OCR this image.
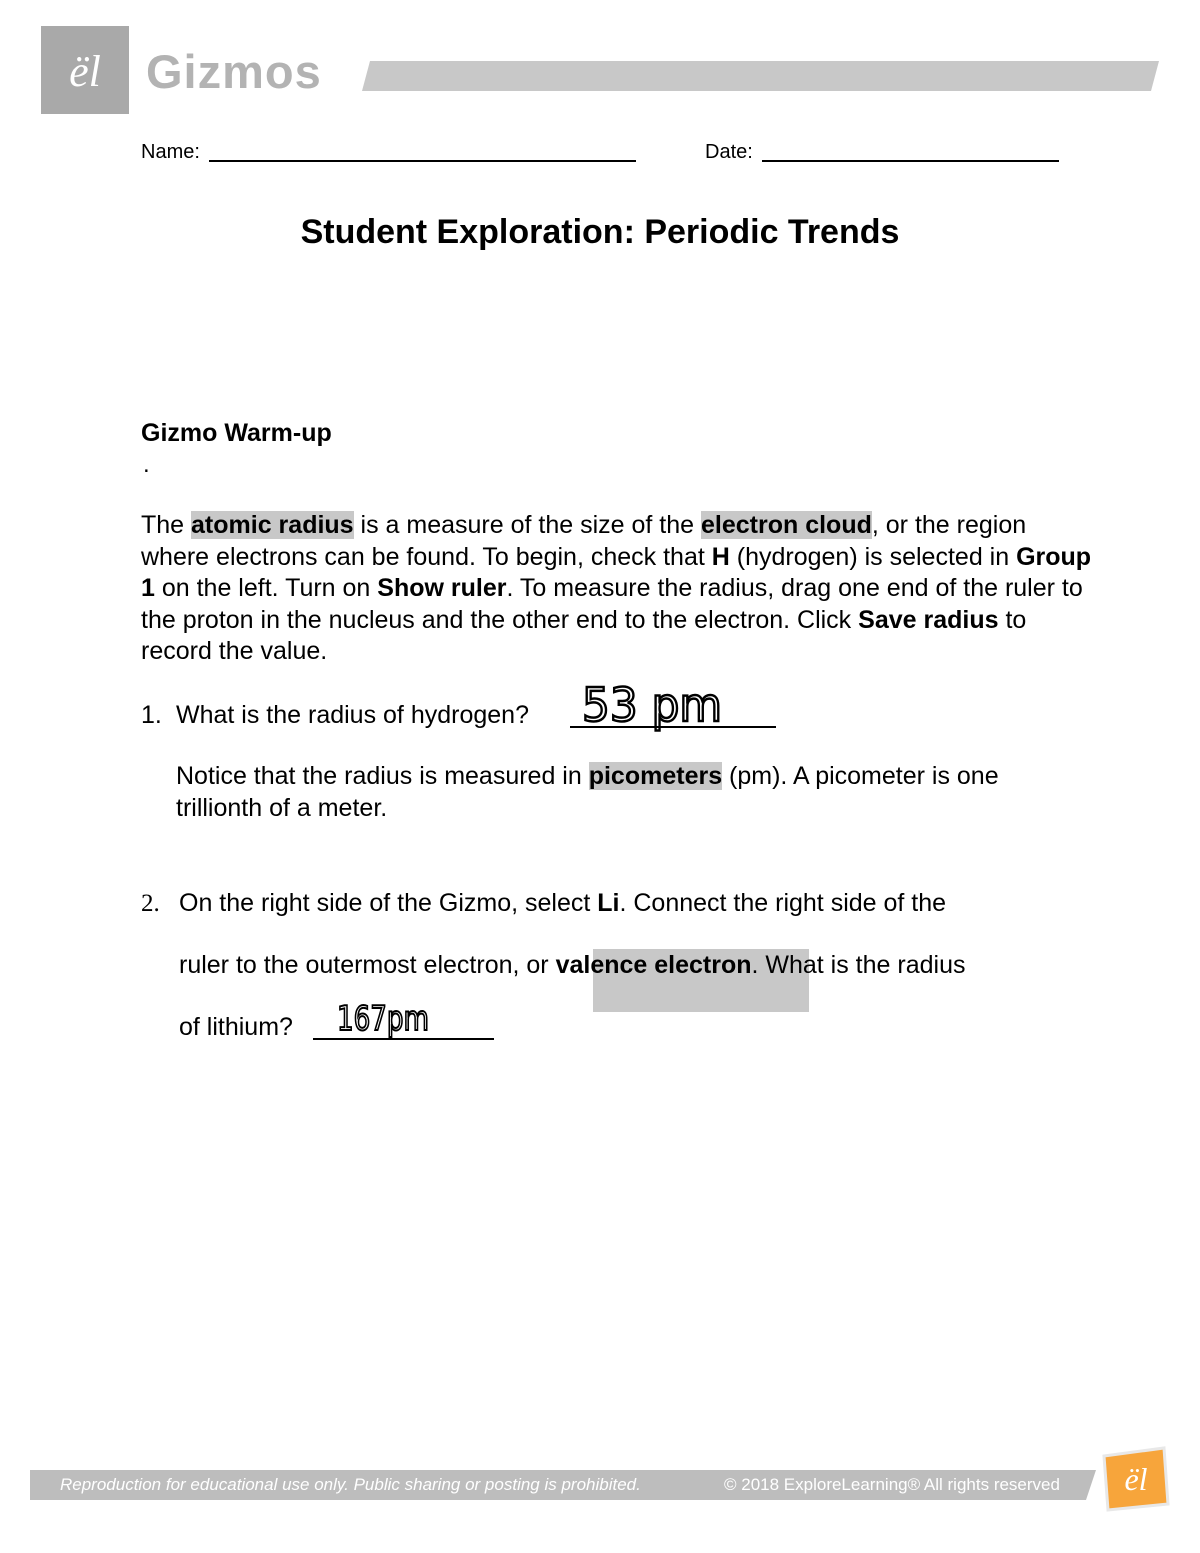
ël Gizmos
Name:	Date:
Student Exploration: Periodic Trends
Gizmo Warm-up
.
The atomic radius is a measure of the size of the electron cloud, or the region where electrons can be found. To begin, check that H (hydrogen) is selected in Group 1 on the left. Turn on Show ruler. To measure the radius, drag one end of the ruler to the proton in the nucleus and the other end to the electron. Click Save radius to record the value.
1. What is the radius of hydrogen? 53 pm
Notice that the radius is measured in picometers (pm). A picometer is one trillionth of a meter.
2. On the right side of the Gizmo, select Li. Connect the right side of the
ruler to the outermost electron, or valence electron. What is the radius
of lithium? 167pm
Reproduction for educational use only. Public sharing or posting is prohibited.	© 2018 ExploreLearning® All rights reserved ël
